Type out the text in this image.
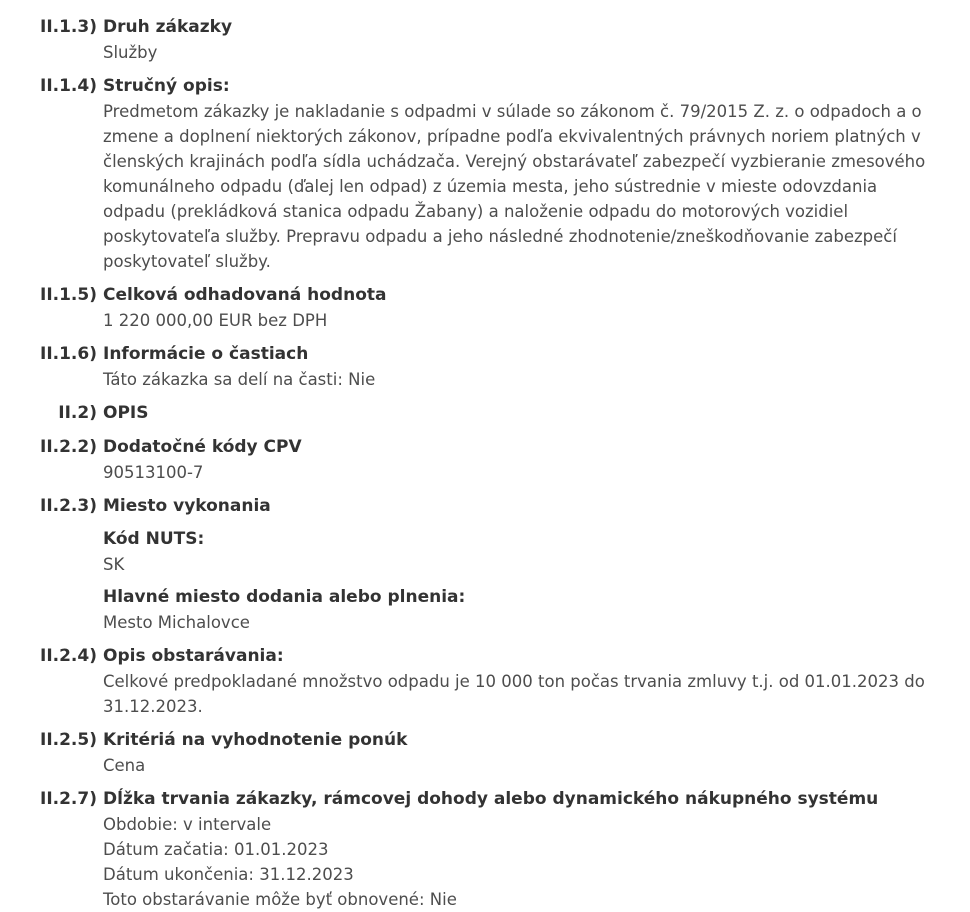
II.1.3) Druh zákazky
Služby
II.1.4) Stručný opis:
Predmetom zákazky je nakladanie s odpadmi v súlade so zákonom č. 79/2015 Z. z. o odpadoch a o
zmene a doplnení niektorých zákonov, prípadne podľa ekvivalentných právnych noriem platných v
členských krajinách podľa sídla uchádzača. Verejný obstarávateľ zabezpečí vyzbieranie zmesového
komunálneho odpadu (ďalej len odpad) z územia mesta, jeho sústrednie v mieste odovzdania
odpadu (prekládková stanica odpadu Žabany) a naloženie odpadu do motorových vozidiel
poskytovateľa služby. Prepravu odpadu a jeho následné zhodnotenie/zneškodňovanie zabezpečí
poskytovateľ služby.
II.1.5) Celková odhadovaná hodnota
1 220 000,00 EUR bez DPH
II.1.6) Informácie o častiach
Táto zákazka sa delí na časti: Nie
II.2) OPIS
II.2.2) Dodatočné kódy CPV
90513100-7
II.2.3) Miesto vykonania
Kód NUTS:
SK
Hlavné miesto dodania alebo plnenia:
Mesto Michalovce
II.2.4) Opis obstarávania:
Celkové predpokladané množstvo odpadu je 10 000 ton počas trvania zmluvy t.j. od 01.01.2023 do
31.12.2023.
II.2.5) Kritériá na vyhodnotenie ponúk
Cena
II.2.7) Dĺžka trvania zákazky, rámcovej dohody alebo dynamického nákupného systému
Obdobie: v intervale
Dátum začatia: 01.01.2023
Dátum ukončenia: 31.12.2023
Toto obstarávanie môže byť obnovené: Nie
